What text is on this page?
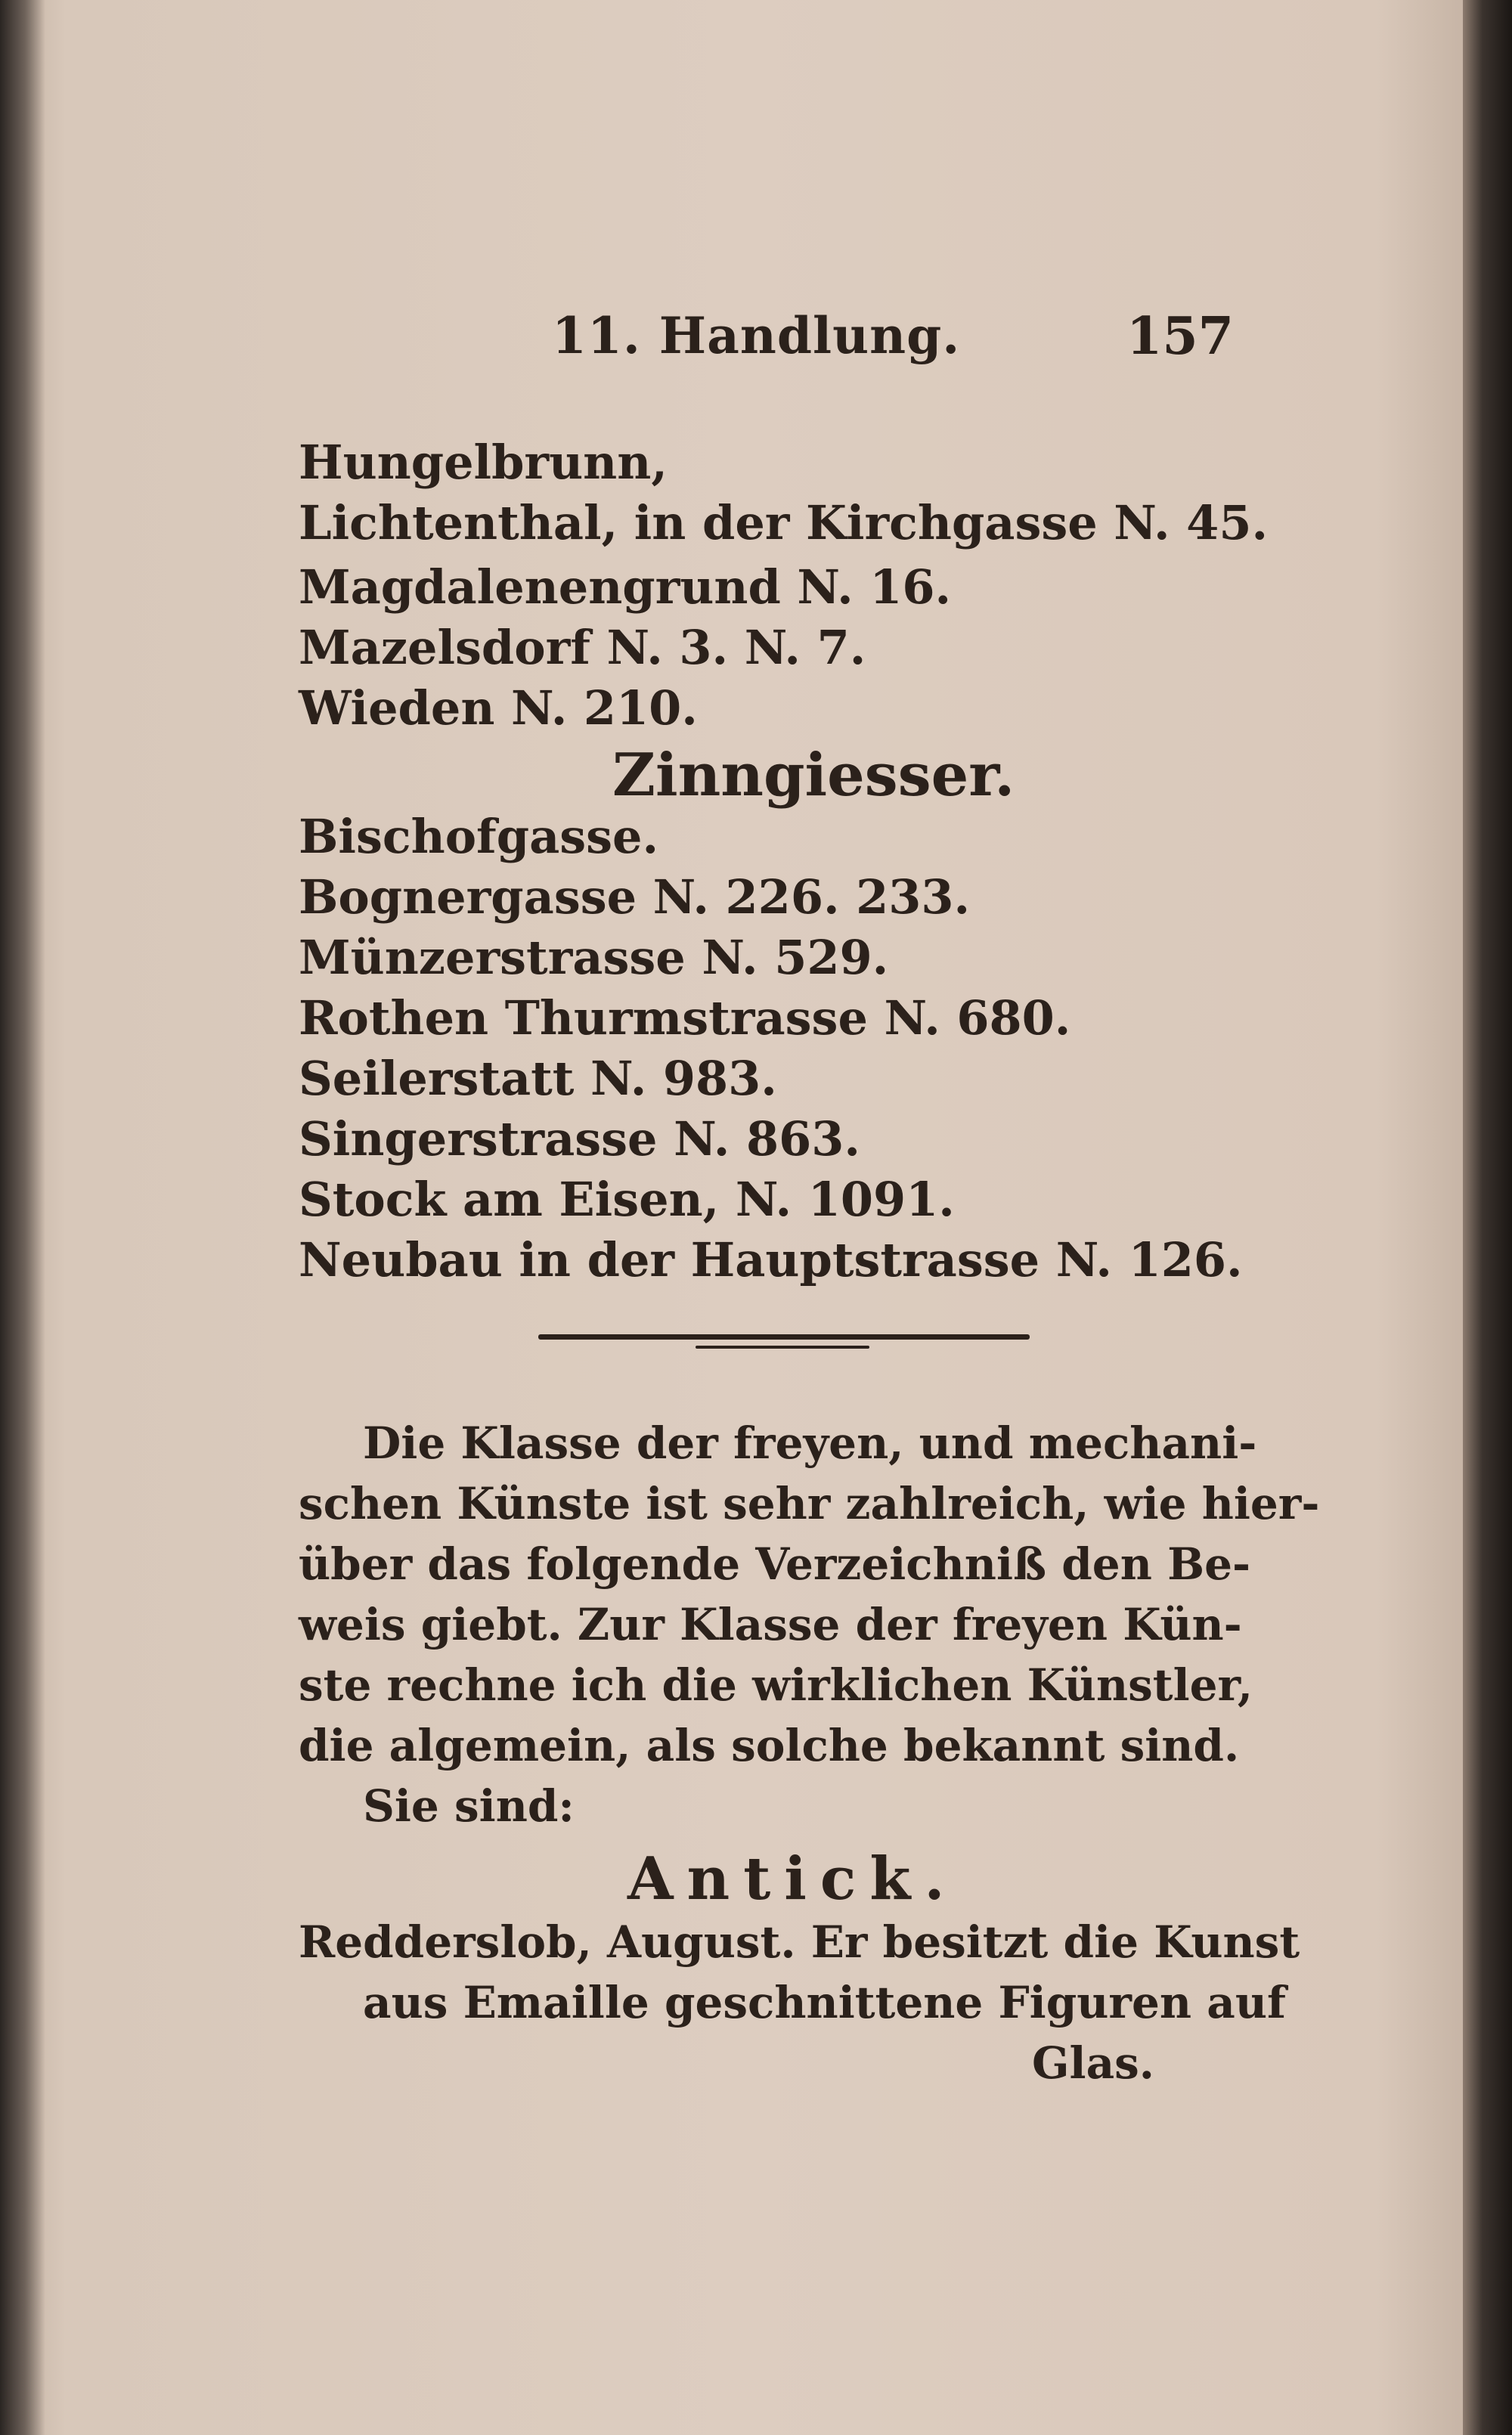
11. Handlung.	157
Hungelbrunn,
Lichtenthal, in der Kirchgasse N. 45.
Magdalenengrund N. 16.
Mazelsdorf N. 3. N. 7.
Wieden N. 210.
Zinngiesser.
Bischofgasse.
Bognergasse N. 226. 233.
Münzerstrasse N. 529.
Rothen Thurmstrasse N. 680.
Seilerstatt N. 983.
Singerstrasse N. 863.
Stock am Eisen, N. 1091.
Neubau in der Hauptstrasse N. 126.
Die Klasse der freyen, und mechani-
schen Künste ist sehr zahlreich, wie hier-
über das folgende Verzeichniß den Be-
weis giebt. Zur Klasse der freyen Kün-
ste rechne ich die wirklichen Künstler,
die algemein, als solche bekannt sind.
Sie sind:
Antick.
Redderslob, August. Er besitzt die Kunst
aus Emaille geschnittene Figuren auf
Glas.
